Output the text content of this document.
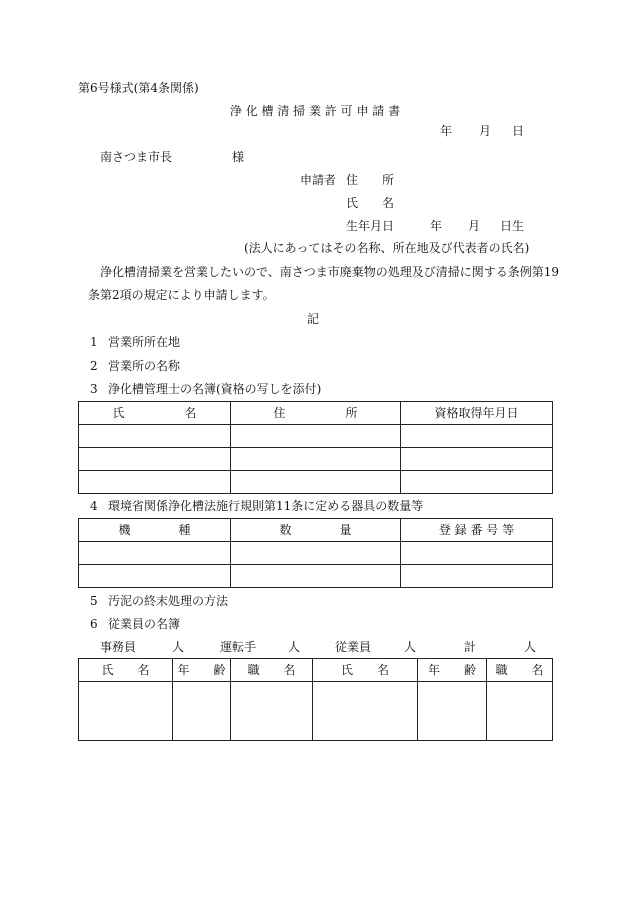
第6号様式(第4条関係)
浄 化 槽 清 掃 業 許 可 申 請 書
年 月 日
南さつま市長	様
申請者 住　　所
氏　　名
生年月日	年 月 日生
(法人にあってはその名称、所在地及び代表者の氏名)
浄化槽清掃業を営業したいので、南さつま市廃棄物の処理及び清掃に関する条例第19
条第2項の規定により申請します。
記
1 営業所所在地
2 営業所の名称
3 浄化槽管理士の名簿(資格の写しを添付)
氏　　　　　名	住　　　　　所	資格取得年月日

4 環境省関係浄化槽法施行規則第11条に定める器具の数量等
機　　　　種	数　　　　量	登 録 番 号 等

5 汚泥の終末処理の方法
6 従業員の名簿
事務員	人	運転手	人	従業員	人	計	人
氏　　名	年　　齢	職　　名	氏　　名	年　　齢	職　　名
